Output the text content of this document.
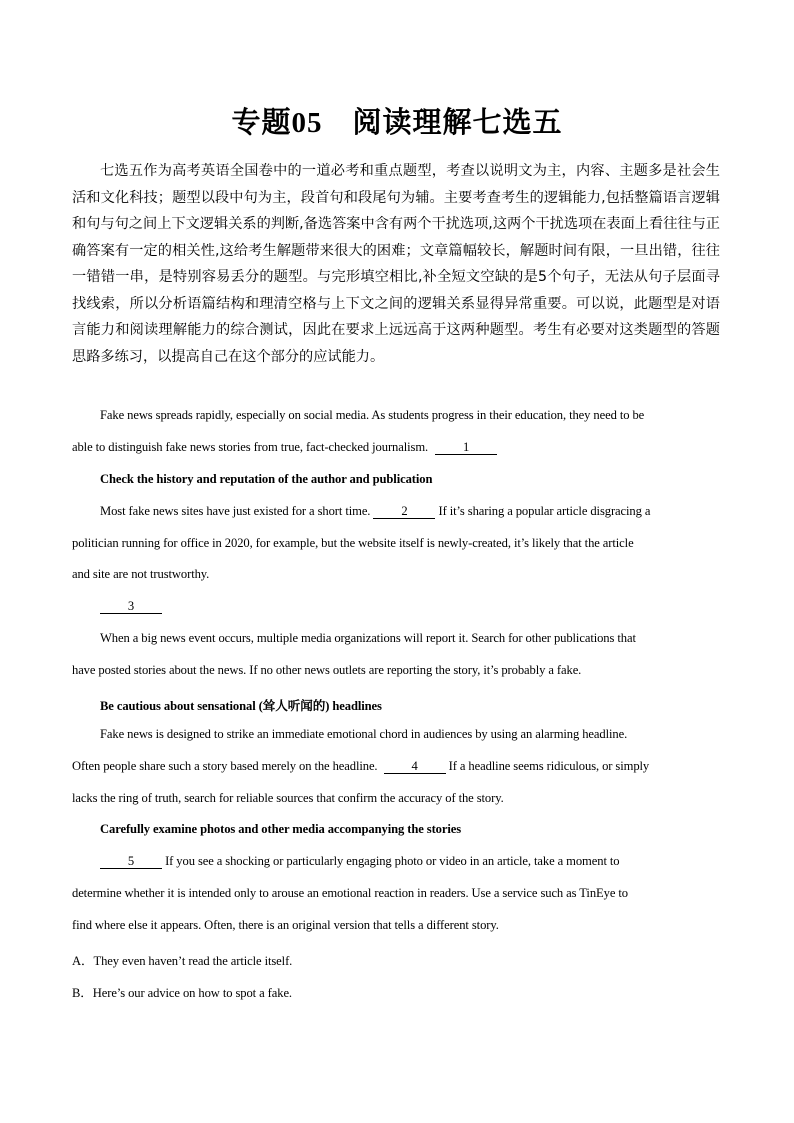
专题05 阅读理解七选五
七选五作为高考英语全国卷中的一道必考和重点题型，考查以说明文为主，内容、主题多是社会生活和文化科技；题型以段中句为主，段首句和段尾句为辅。主要考查考生的逻辑能力,包括整篇语言逻辑和句与句之间上下文逻辑关系的判断,备选答案中含有两个干扰选项,这两个干扰选项在表面上看往往与正确答案有一定的相关性,这给考生解题带来很大的困难；文章篇幅较长，解题时间有限，一旦出错，往往一错错一串，是特别容易丢分的题型。与完形填空相比,补全短文空缺的是5个句子，无法从句子层面寻找线索，所以分析语篇结构和理清空格与上下文之间的逻辑关系显得异常重要。可以说，此题型是对语言能力和阅读理解能力的综合测试，因此在要求上远远高于这两种题型。考生有必要对这类题型的答题思路多练习，以提高自己在这个部分的应试能力。
Fake news spreads rapidly, especially on social media. As students progress in their education, they need to be
able to distinguish fake news stories from true, fact-checked journalism.	1
Check the history and reputation of the author and publication
Most fake news sites have just existed for a short time. 2 If it’s sharing a popular article disgracing a
politician running for office in 2020, for example, but the website itself is newly-created, it’s likely that the article
and site are not trustworthy.
3
When a big news event occurs, multiple media organizations will report it. Search for other publications that
have posted stories about the news. If no other news outlets are reporting the story, it’s probably a fake.
Be cautious about sensational (耸人听闻的) headlines
Fake news is designed to strike an immediate emotional chord in audiences by using an alarming headline.
Often people share such a story based merely on the headline.	4 If a headline seems ridiculous, or simply
lacks the ring of truth, search for reliable sources that confirm the accuracy of the story.
Carefully examine photos and other media accompanying the stories
5 If you see a shocking or particularly engaging photo or video in an article, take a moment to
determine whether it is intended only to arouse an emotional reaction in readers. Use a service such as TinEye to
find where else it appears. Often, there is an original version that tells a different story.
A．They even haven’t read the article itself.
B．Here’s our advice on how to spot a fake.
